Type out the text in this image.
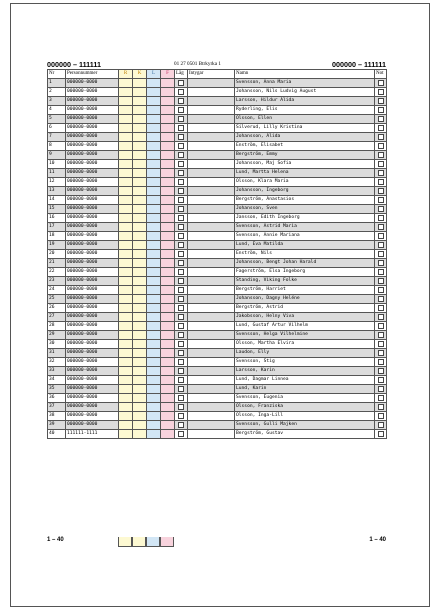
000000 – 111111	01 27 0501 Btrkyrka 1	000000 – 111111
Nr	Personnummer	R	K	L	F	Läg	Intygar	Namn	Not
1	000000-0000							Svensson, Anna Maria	
2	000000-0000							Johansson, Nils Ludvig August	
3	000000-0000							Larsson, Hildur Alida	
4	000000-0000							Ryderling, Elis	
5	000000-0000							Olsson, Ellen	
6	000000-0000							Silverud, Lilly Kristina	
7	000000-0000							Johansson, Alida	
8	000000-0000							Enström, Elisabet	
9	000000-0000							Bergström, Emmy	
10	000000-0000							Johansson, Maj Sofia	
11	000000-0000							Lund, Martta Helena	
12	000000-0000							Olsson, Klara Maria	
13	000000-0000							Johansson, Ingeborg	
14	000000-0000							Bergström, Anastasios	
15	000000-0000							Johansson, Sven	
16	000000-0000							Jansson, Edith Ingeborg	
17	000000-0000							Svensson, Astrid Maria	
18	000000-0000							Svensson, Annie Mariana	
19	000000-0000							Lund, Eva Matilda	
20	000000-0000							Enström, Nils	
21	000000-0000							Johansson, Bengt Johan Harald	
22	000000-0000							Fagerström, Elsa Ingeborg	
23	000000-0000							Standing, Viking Folke	
24	000000-0000							Bergström, Harriet	
25	000000-0000							Johansson, Dagny Heléne	
26	000000-0000							Bergström, Astrid	
27	000000-0000							Jakobsson, Helny Viva	
28	000000-0000							Lund, Gustaf Artur Vilhelm	
29	000000-0000							Svensson, Helga Vilhelmine	
30	000000-0000							Olsson, Martha Elvira	
31	000000-0000							Laudon, Elly	
32	000000-0000							Svensson, Stig	
33	000000-0000							Larsson, Karin	
34	000000-0000							Lund, Dagmar Linnea	
35	000000-0000							Lund, Karin	
36	000000-0000							Svensson, Eugenia	
37	000000-0000							Olsson, Franziska	
38	000000-0000							Olsson, Inga-Lill	
39	000000-0000							Svensson, Gulli Majken	
40	111111-1111							Bergström, Gustav	
1 – 40	1 – 40
